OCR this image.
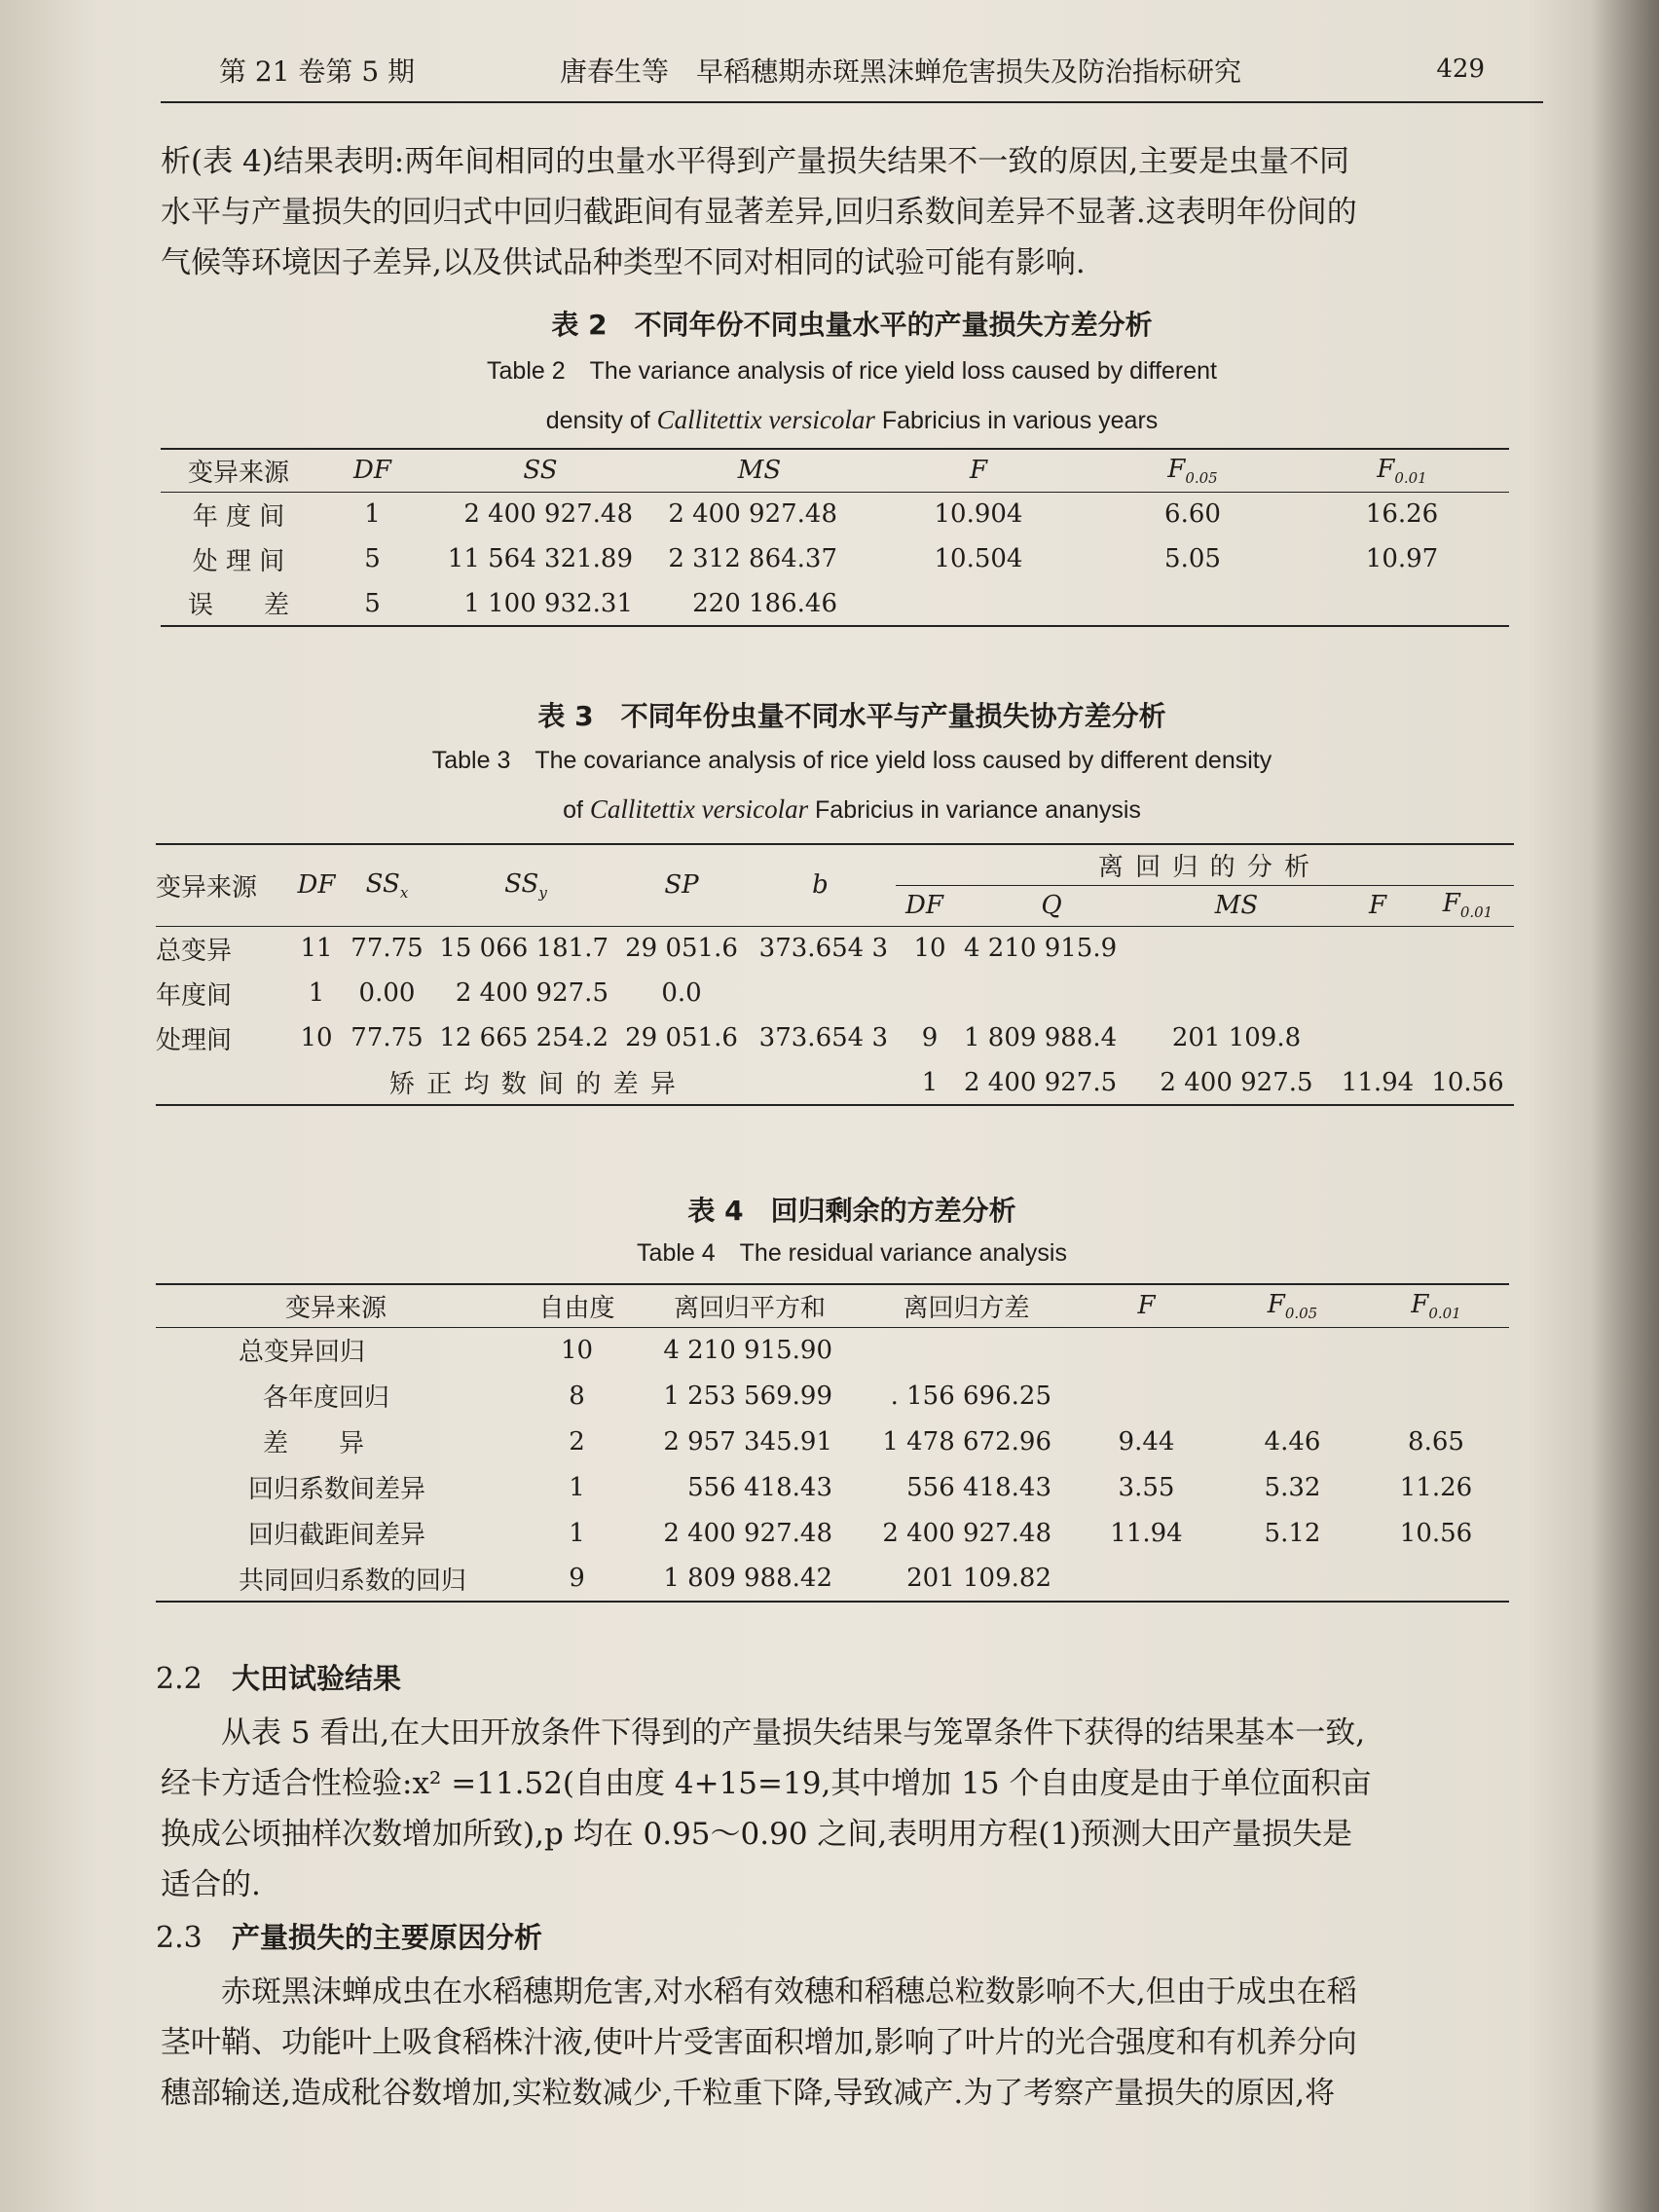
第 21 卷第 5 期	唐春生等　早稻穗期赤斑黑沫蝉危害损失及防治指标研究	429

析(表 4)结果表明:两年间相同的虫量水平得到产量损失结果不一致的原因,主要是虫量不同
水平与产量损失的回归式中回归截距间有显著差异,回归系数间差异不显著.这表明年份间的
气候等环境因子差异,以及供试品种类型不同对相同的试验可能有影响.

表 2　不同年份不同虫量水平的产量损失方差分析
Table 2　The variance analysis of rice yield loss caused by different
density of Callitettix versicolar Fabricius in various years
变异来源	DF	SS	MS	F	$F_{0.05}$	$F_{0.01}$
年 度 间	1	2 400 927.48	2 400 927.48	10.904	6.60	16.26
处 理 间	5	11 564 321.89	2 312 864.37	10.504	5.05	10.97
误　　差	5	1 100 932.31	220 186.46			
表 3　不同年份虫量不同水平与产量损失协方差分析
Table 3　The covariance analysis of rice yield loss caused by different density
of Callitettix versicolar Fabricius in variance ananysis
变异来源	DF	$SS_x$	$SS_y$	SP	b	离 回 归 的 分 析				
						DF	Q	MS	F	$F_{0.01}$
总变异	11	77.75	15 066 181.7	29 051.6	373.654 3	10	4 210 915.9			
年度间	1	0.00	2 400 927.5	0.0						
处理间	10	77.75	12 665 254.2	29 051.6	373.654 3	9	1 809 988.4	201 109.8		
矫 正 均 数 间 的 差 异						1	2 400 927.5	2 400 927.5	11.94	10.56
表 4　回归剩余的方差分析
Table 4　The residual variance analysis
变异来源	自由度	离回归平方和	离回归方差	F	$F_{0.05}$	$F_{0.01}$
总变异回归	10	4 210 915.90				
各年度回归	8	1 253 569.99	. 156 696.25			
差　　异	2	2 957 345.91	1 478 672.96	9.44	4.46	8.65
回归系数间差异	1	556 418.43	556 418.43	3.55	5.32	11.26
回归截距间差异	1	2 400 927.48	2 400 927.48	11.94	5.12	10.56
共同回归系数的回归	9	1 809 988.42	201 109.82			
2.2 大田试验结果

　　从表 5 看出,在大田开放条件下得到的产量损失结果与笼罩条件下获得的结果基本一致,
经卡方适合性检验:x² =11.52(自由度 4+15=19,其中增加 15 个自由度是由于单位面积亩
换成公顷抽样次数增加所致),p 均在 0.95～0.90 之间,表明用方程(1)预测大田产量损失是
适合的.

2.3 产量损失的主要原因分析

　　赤斑黑沫蝉成虫在水稻穗期危害,对水稻有效穗和稻穗总粒数影响不大,但由于成虫在稻
茎叶鞘、功能叶上吸食稻株汁液,使叶片受害面积增加,影响了叶片的光合强度和有机养分向
穗部输送,造成秕谷数增加,实粒数减少,千粒重下降,导致减产.为了考察产量损失的原因,将
